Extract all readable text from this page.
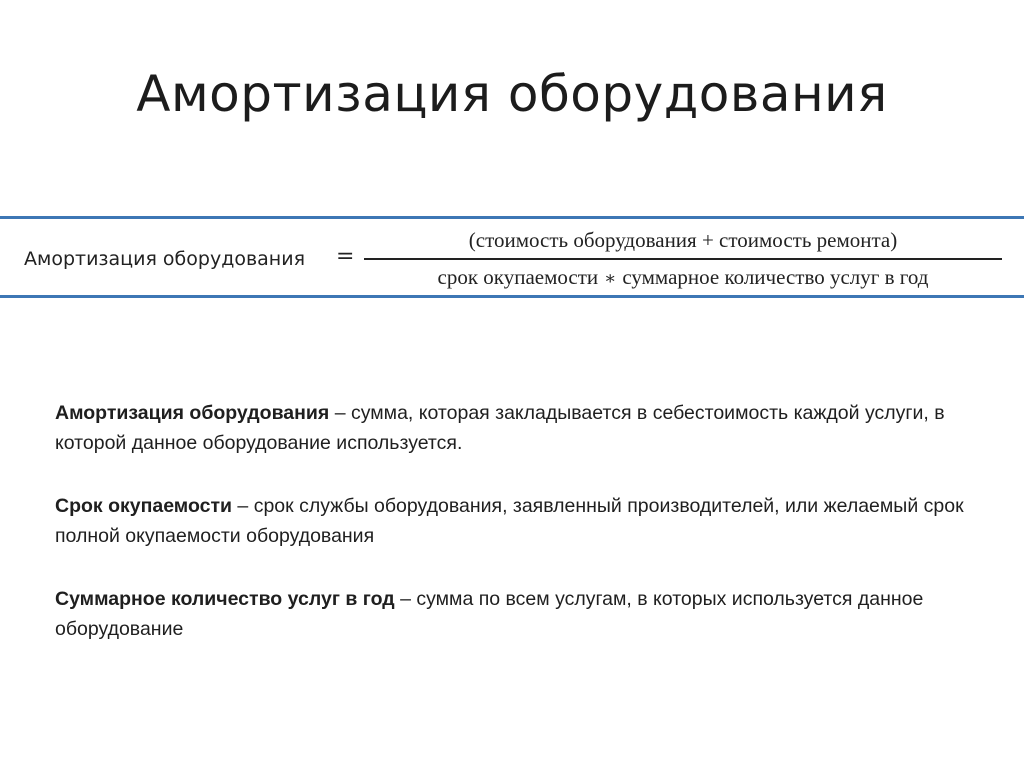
Амортизация оборудования
Амортизация оборудования =
(стоимость оборудования + стоимость ремонта)
срок окупаемости ∗ суммарное количество услуг в год

Амортизация оборудования – сумма, которая закладывается в себестоимость каждой услуги, в которой данное оборудование используется.

Срок окупаемости – срок службы оборудования, заявленный производителей, или желаемый срок полной окупаемости оборудования

Суммарное количество услуг в год – сумма по всем услугам, в которых используется данное оборудование
